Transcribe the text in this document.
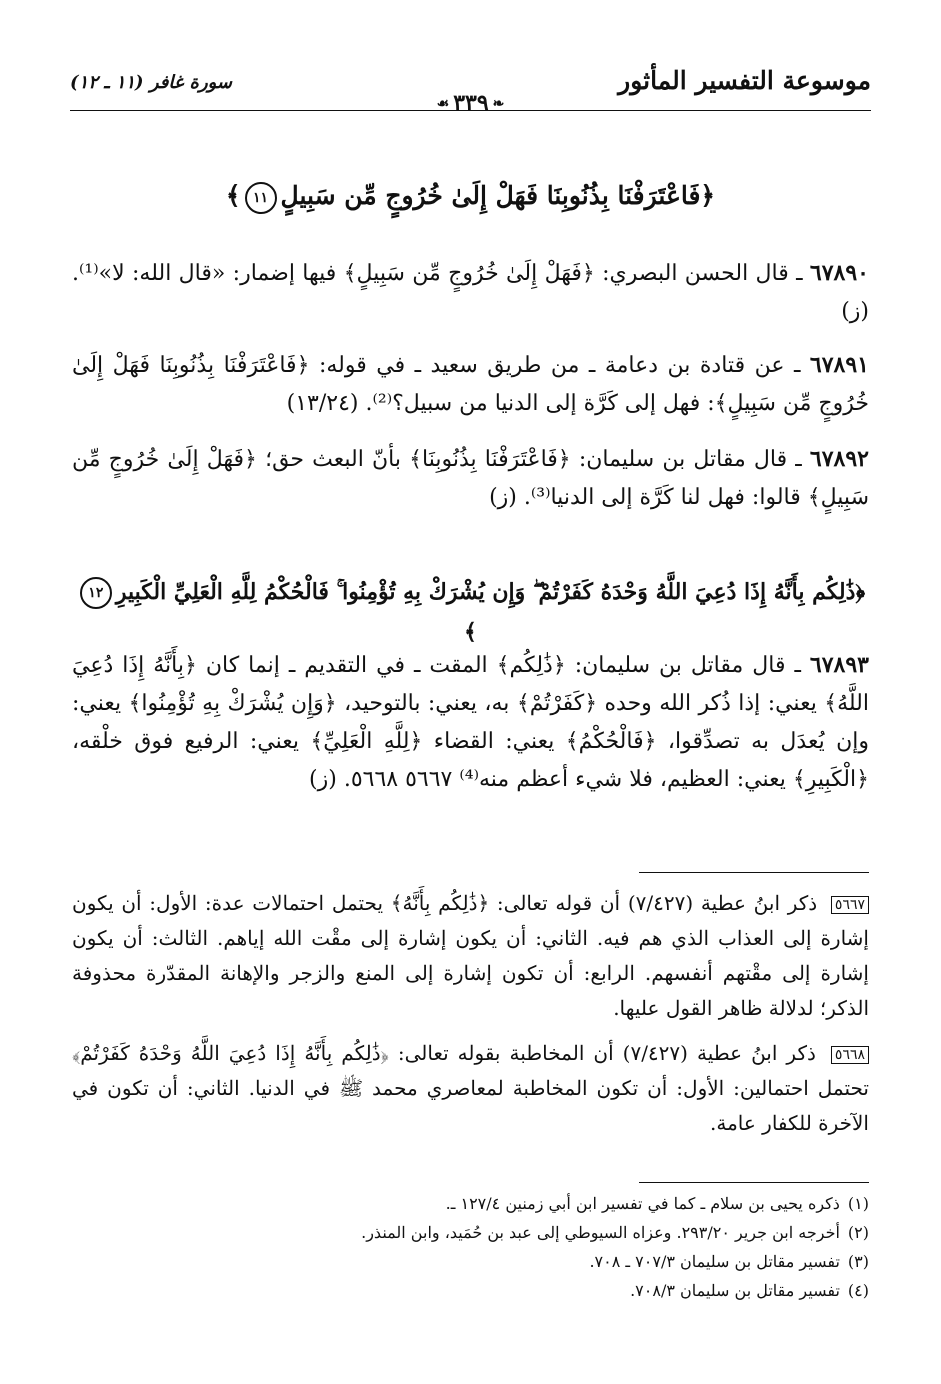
موسوعة التفسير المأثور
❧٣٣٩☙
سورة غافر (١١ ـ ١٢)
﴿فَاعْتَرَفْنَا بِذُنُوبِنَا فَهَلْ إِلَىٰ خُرُوجٍ مِّن سَبِيلٍ١١﴾
٦٧٨٩٠ ـ قال الحسن البصري: ﴿فَهَلْ إِلَىٰ خُرُوجٍ مِّن سَبِيلٍ﴾ فيها إضمار: «قال الله: لا»⁽¹⁾. (ز)
٦٧٨٩١ ـ عن قتادة بن دعامة ـ من طريق سعيد ـ في قوله: ﴿فَاعْتَرَفْنَا بِذُنُوبِنَا فَهَلْ إِلَىٰ خُرُوجٍ مِّن سَبِيلٍ﴾: فهل إلى كَرَّة إلى الدنيا من سبيل؟⁽²⁾. (١٣/٢٤)
٦٧٨٩٢ ـ قال مقاتل بن سليمان: ﴿فَاعْتَرَفْنَا بِذُنُوبِنَا﴾ بأنّ البعث حق؛ ﴿فَهَلْ إِلَىٰ خُرُوجٍ مِّن سَبِيلٍ﴾ قالوا: فهل لنا كَرَّة إلى الدنيا⁽³⁾. (ز)
﴿ذَٰلِكُم بِأَنَّهُ إِذَا دُعِيَ اللَّهُ وَحْدَهُ كَفَرْتُمْ ۖ وَإِن يُشْرَكْ بِهِ تُؤْمِنُوا ۚ فَالْحُكْمُ لِلَّهِ الْعَلِيِّ الْكَبِيرِ١٢﴾
٦٧٨٩٣ ـ قال مقاتل بن سليمان: ﴿ذَٰلِكُم﴾ المقت ـ في التقديم ـ إنما كان ﴿بِأَنَّهُ إِذَا دُعِيَ اللَّهُ﴾ يعني: إذا ذُكر الله وحده ﴿كَفَرْتُمْ﴾ به، يعني: بالتوحيد، ﴿وَإِن يُشْرَكْ بِهِ تُؤْمِنُوا﴾ يعني: وإن يُعدَل به تصدِّقوا، ﴿فَالْحُكْمُ﴾ يعني: القضاء ﴿لِلَّهِ الْعَلِيِّ﴾ يعني: الرفيع فوق خلْقه، ﴿الْكَبِيرِ﴾ يعني: العظيم، فلا شيء أعظم منه⁽⁴⁾ ٥٦٦٧ ٥٦٦٨. (ز)
٥٦٦٧ ذكر ابنُ عطية (٧/٤٢٧) أن قوله تعالى: ﴿ذَٰلِكُم بِأَنَّهُ﴾ يحتمل احتمالات عدة: الأول: أن يكون إشارة إلى العذاب الذي هم فيه. الثاني: أن يكون إشارة إلى مقْت الله إياهم. الثالث: أن يكون إشارة إلى مقْتهم أنفسهم. الرابع: أن تكون إشارة إلى المنع والزجر والإهانة المقدّرة محذوفة الذكر؛ لدلالة ظاهر القول عليها.
٥٦٦٨ ذكر ابنُ عطية (٧/٤٢٧) أن المخاطبة بقوله تعالى: ﴿ذَٰلِكُم بِأَنَّهُ إِذَا دُعِيَ اللَّهُ وَحْدَهُ كَفَرْتُمْ﴾ تحتمل احتمالين: الأول: أن تكون المخاطبة لمعاصري محمد ﷺ في الدنيا. الثاني: أن تكون في الآخرة للكفار عامة.
(١)ذكره يحيى بن سلام ـ كما في تفسير ابن أبي زمنين ١٢٧/٤ ـ.
(٢)أخرجه ابن جرير ٢٩٣/٢٠. وعزاه السيوطي إلى عبد بن حُمَيد، وابن المنذر.
(٣)تفسير مقاتل بن سليمان ٧٠٧/٣ ـ ٧٠٨.
(٤)تفسير مقاتل بن سليمان ٧٠٨/٣.
